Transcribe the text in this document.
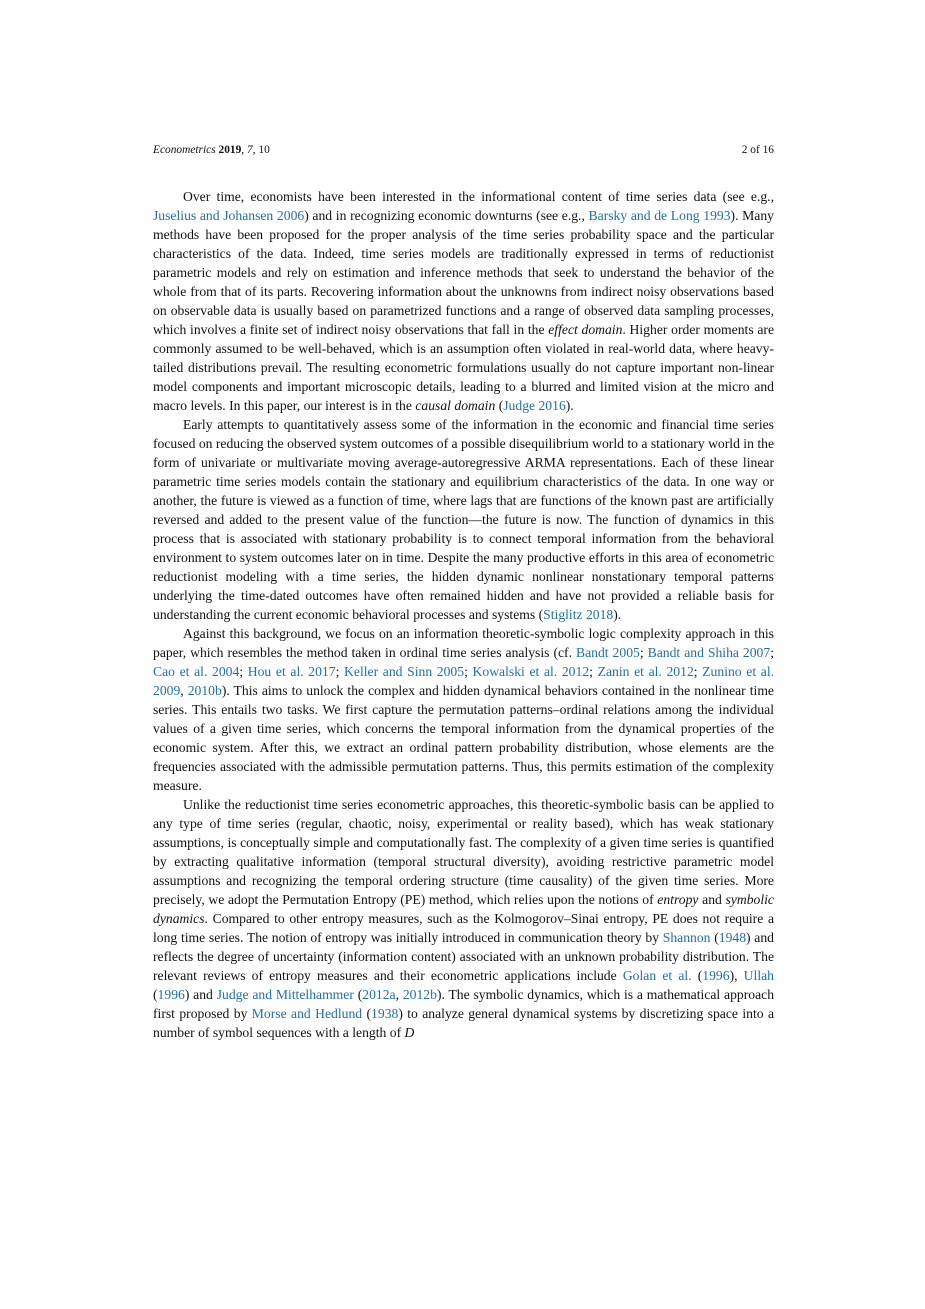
Econometrics 2019, 7, 10	2 of 16

Over time, economists have been interested in the informational content of time series data (see e.g., Juselius and Johansen 2006) and in recognizing economic downturns (see e.g., Barsky and de Long 1993). Many methods have been proposed for the proper analysis of the time series probability space and the particular characteristics of the data. Indeed, time series models are traditionally expressed in terms of reductionist parametric models and rely on estimation and inference methods that seek to understand the behavior of the whole from that of its parts. Recovering information about the unknowns from indirect noisy observations based on observable data is usually based on parametrized functions and a range of observed data sampling processes, which involves a finite set of indirect noisy observations that fall in the effect domain. Higher order moments are commonly assumed to be well-behaved, which is an assumption often violated in real-world data, where heavy-tailed distributions prevail. The resulting econometric formulations usually do not capture important non-linear model components and important microscopic details, leading to a blurred and limited vision at the micro and macro levels. In this paper, our interest is in the causal domain (Judge 2016).

Early attempts to quantitatively assess some of the information in the economic and financial time series focused on reducing the observed system outcomes of a possible disequilibrium world to a stationary world in the form of univariate or multivariate moving average-autoregressive ARMA representations. Each of these linear parametric time series models contain the stationary and equilibrium characteristics of the data. In one way or another, the future is viewed as a function of time, where lags that are functions of the known past are artificially reversed and added to the present value of the function—the future is now. The function of dynamics in this process that is associated with stationary probability is to connect temporal information from the behavioral environment to system outcomes later on in time. Despite the many productive efforts in this area of econometric reductionist modeling with a time series, the hidden dynamic nonlinear nonstationary temporal patterns underlying the time-dated outcomes have often remained hidden and have not provided a reliable basis for understanding the current economic behavioral processes and systems (Stiglitz 2018).

Against this background, we focus on an information theoretic-symbolic logic complexity approach in this paper, which resembles the method taken in ordinal time series analysis (cf. Bandt 2005; Bandt and Shiha 2007; Cao et al. 2004; Hou et al. 2017; Keller and Sinn 2005; Kowalski et al. 2012; Zanin et al. 2012; Zunino et al. 2009, 2010b). This aims to unlock the complex and hidden dynamical behaviors contained in the nonlinear time series. This entails two tasks. We first capture the permutation patterns–ordinal relations among the individual values of a given time series, which concerns the temporal information from the dynamical properties of the economic system. After this, we extract an ordinal pattern probability distribution, whose elements are the frequencies associated with the admissible permutation patterns. Thus, this permits estimation of the complexity measure.

Unlike the reductionist time series econometric approaches, this theoretic-symbolic basis can be applied to any type of time series (regular, chaotic, noisy, experimental or reality based), which has weak stationary assumptions, is conceptually simple and computationally fast. The complexity of a given time series is quantified by extracting qualitative information (temporal structural diversity), avoiding restrictive parametric model assumptions and recognizing the temporal ordering structure (time causality) of the given time series. More precisely, we adopt the Permutation Entropy (PE) method, which relies upon the notions of entropy and symbolic dynamics. Compared to other entropy measures, such as the Kolmogorov–Sinai entropy, PE does not require a long time series. The notion of entropy was initially introduced in communication theory by Shannon (1948) and reflects the degree of uncertainty (information content) associated with an unknown probability distribution. The relevant reviews of entropy measures and their econometric applications include Golan et al. (1996), Ullah (1996) and Judge and Mittelhammer (2012a, 2012b). The symbolic dynamics, which is a mathematical approach first proposed by Morse and Hedlund (1938) to analyze general dynamical systems by discretizing space into a number of symbol sequences with a length of D
